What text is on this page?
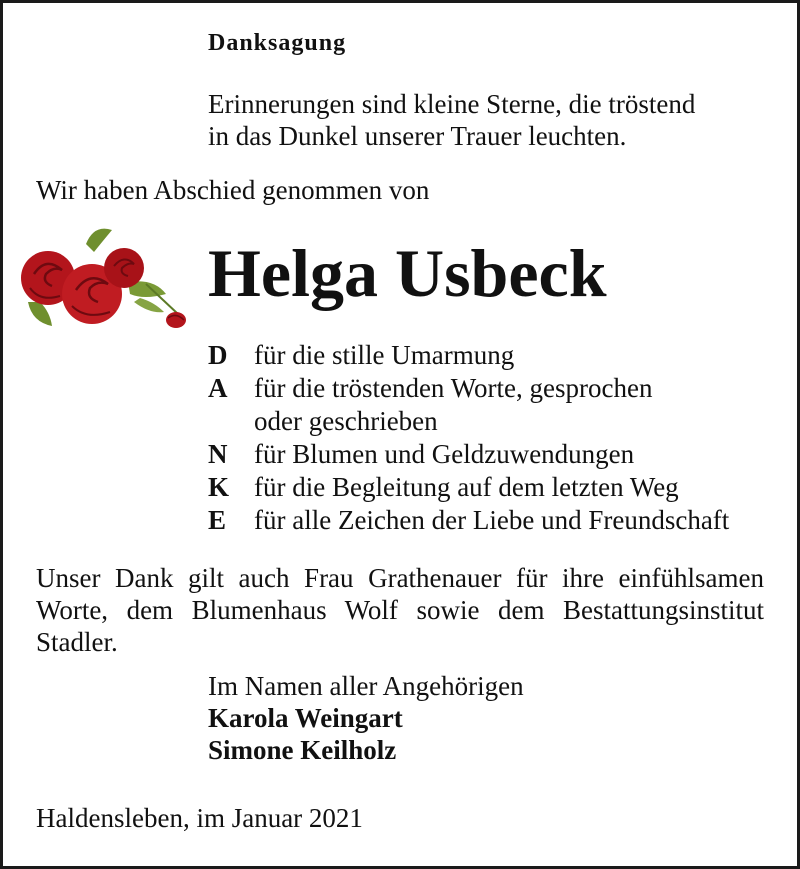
Danksagung
Erinnerungen sind kleine Sterne, die tröstend
in das Dunkel unserer Trauer leuchten.
Wir haben Abschied genommen von
Helga Usbeck
D für die stille Umarmung
A für die tröstenden Worte, gesprochen
oder geschrieben
N für Blumen und Geldzuwendungen
K für die Begleitung auf dem letzten Weg
E für alle Zeichen der Liebe und Freundschaft
Unser Dank gilt auch Frau Grathenauer für ihre einfühlsamen
Worte, dem Blumenhaus Wolf sowie dem Bestattungsinstitut
Stadler.
Im Namen aller Angehörigen
Karola Weingart
Simone Keilholz
Haldensleben, im Januar 2021
